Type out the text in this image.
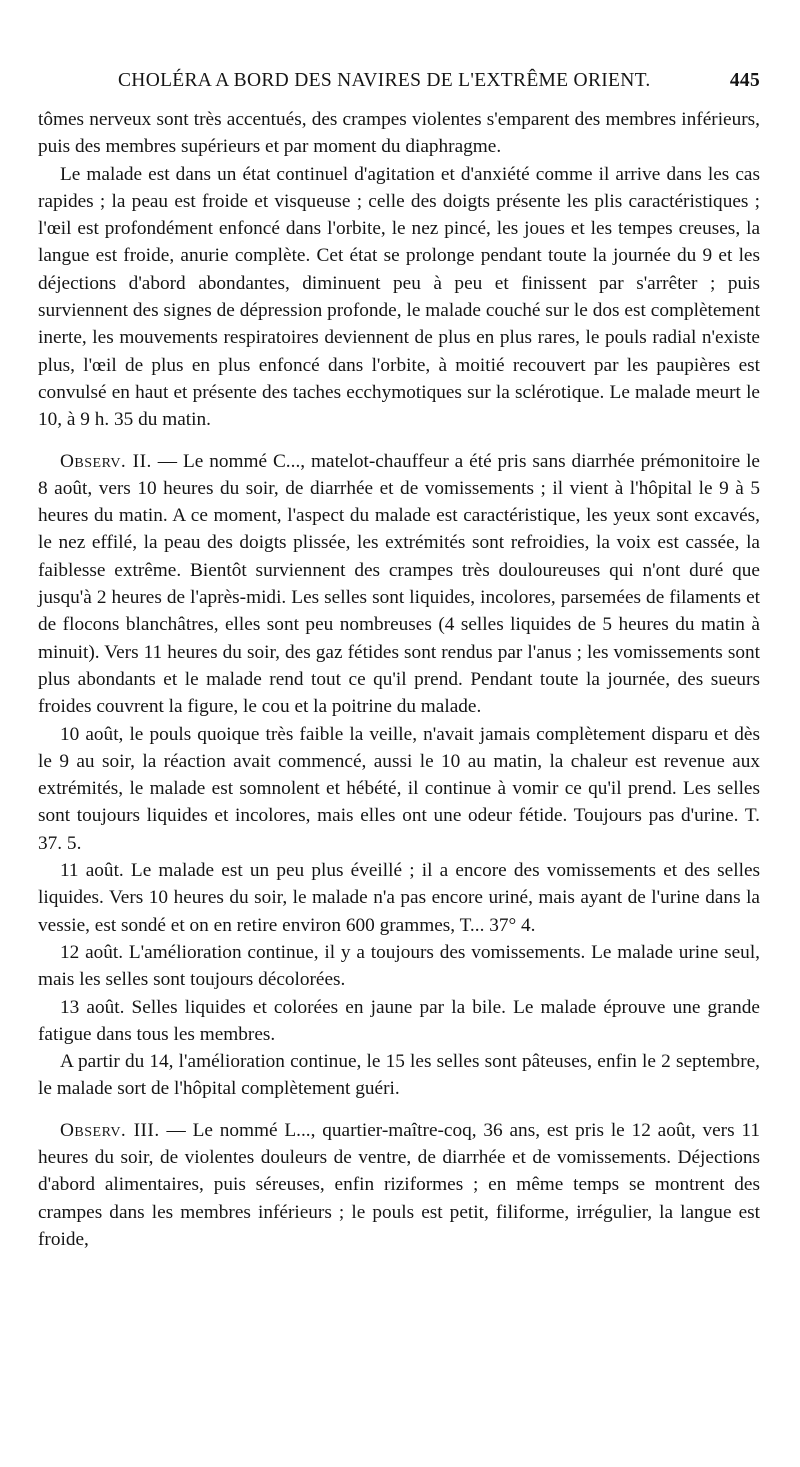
CHOLÉRA A BORD DES NAVIRES DE L'EXTRÊME ORIENT.	445

tômes nerveux sont très accentués, des crampes violentes s'emparent des membres inférieurs, puis des membres supérieurs et par moment du diaphragme.

Le malade est dans un état continuel d'agitation et d'anxiété comme il arrive dans les cas rapides ; la peau est froide et visqueuse ; celle des doigts présente les plis caractéristiques ; l'œil est profondément enfoncé dans l'orbite, le nez pincé, les joues et les tempes creuses, la langue est froide, anurie complète. Cet état se prolonge pendant toute la journée du 9 et les déjections d'abord abondantes, diminuent peu à peu et finissent par s'arrêter ; puis surviennent des signes de dépression profonde, le malade couché sur le dos est complètement inerte, les mouvements respiratoires deviennent de plus en plus rares, le pouls radial n'existe plus, l'œil de plus en plus enfoncé dans l'orbite, à moitié recouvert par les paupières est convulsé en haut et présente des taches ecchymotiques sur la sclérotique. Le malade meurt le 10, à 9 h. 35 du matin.

Observ. II. — Le nommé C..., matelot-chauffeur a été pris sans diarrhée prémonitoire le 8 août, vers 10 heures du soir, de diarrhée et de vomissements ; il vient à l'hôpital le 9 à 5 heures du matin. A ce moment, l'aspect du malade est caractéristique, les yeux sont excavés, le nez effilé, la peau des doigts plissée, les extrémités sont refroidies, la voix est cassée, la faiblesse extrême. Bientôt surviennent des crampes très douloureuses qui n'ont duré que jusqu'à 2 heures de l'après-midi. Les selles sont liquides, incolores, parsemées de filaments et de flocons blanchâtres, elles sont peu nombreuses (4 selles liquides de 5 heures du matin à minuit). Vers 11 heures du soir, des gaz fétides sont rendus par l'anus ; les vomissements sont plus abondants et le malade rend tout ce qu'il prend. Pendant toute la journée, des sueurs froides couvrent la figure, le cou et la poitrine du malade.

10 août, le pouls quoique très faible la veille, n'avait jamais complètement disparu et dès le 9 au soir, la réaction avait commencé, aussi le 10 au matin, la chaleur est revenue aux extrémités, le malade est somnolent et hébété, il continue à vomir ce qu'il prend. Les selles sont toujours liquides et incolores, mais elles ont une odeur fétide. Toujours pas d'urine. T. 37. 5.

11 août. Le malade est un peu plus éveillé ; il a encore des vomissements et des selles liquides. Vers 10 heures du soir, le malade n'a pas encore uriné, mais ayant de l'urine dans la vessie, est sondé et on en retire environ 600 grammes, T... 37° 4.

12 août. L'amélioration continue, il y a toujours des vomissements. Le malade urine seul, mais les selles sont toujours décolorées.

13 août. Selles liquides et colorées en jaune par la bile. Le malade éprouve une grande fatigue dans tous les membres.

A partir du 14, l'amélioration continue, le 15 les selles sont pâteuses, enfin le 2 septembre, le malade sort de l'hôpital complètement guéri.

Observ. III. — Le nommé L..., quartier-maître-coq, 36 ans, est pris le 12 août, vers 11 heures du soir, de violentes douleurs de ventre, de diarrhée et de vomissements. Déjections d'abord alimentaires, puis séreuses, enfin riziformes ; en même temps se montrent des crampes dans les membres inférieurs ; le pouls est petit, filiforme, irrégulier, la langue est froide,
